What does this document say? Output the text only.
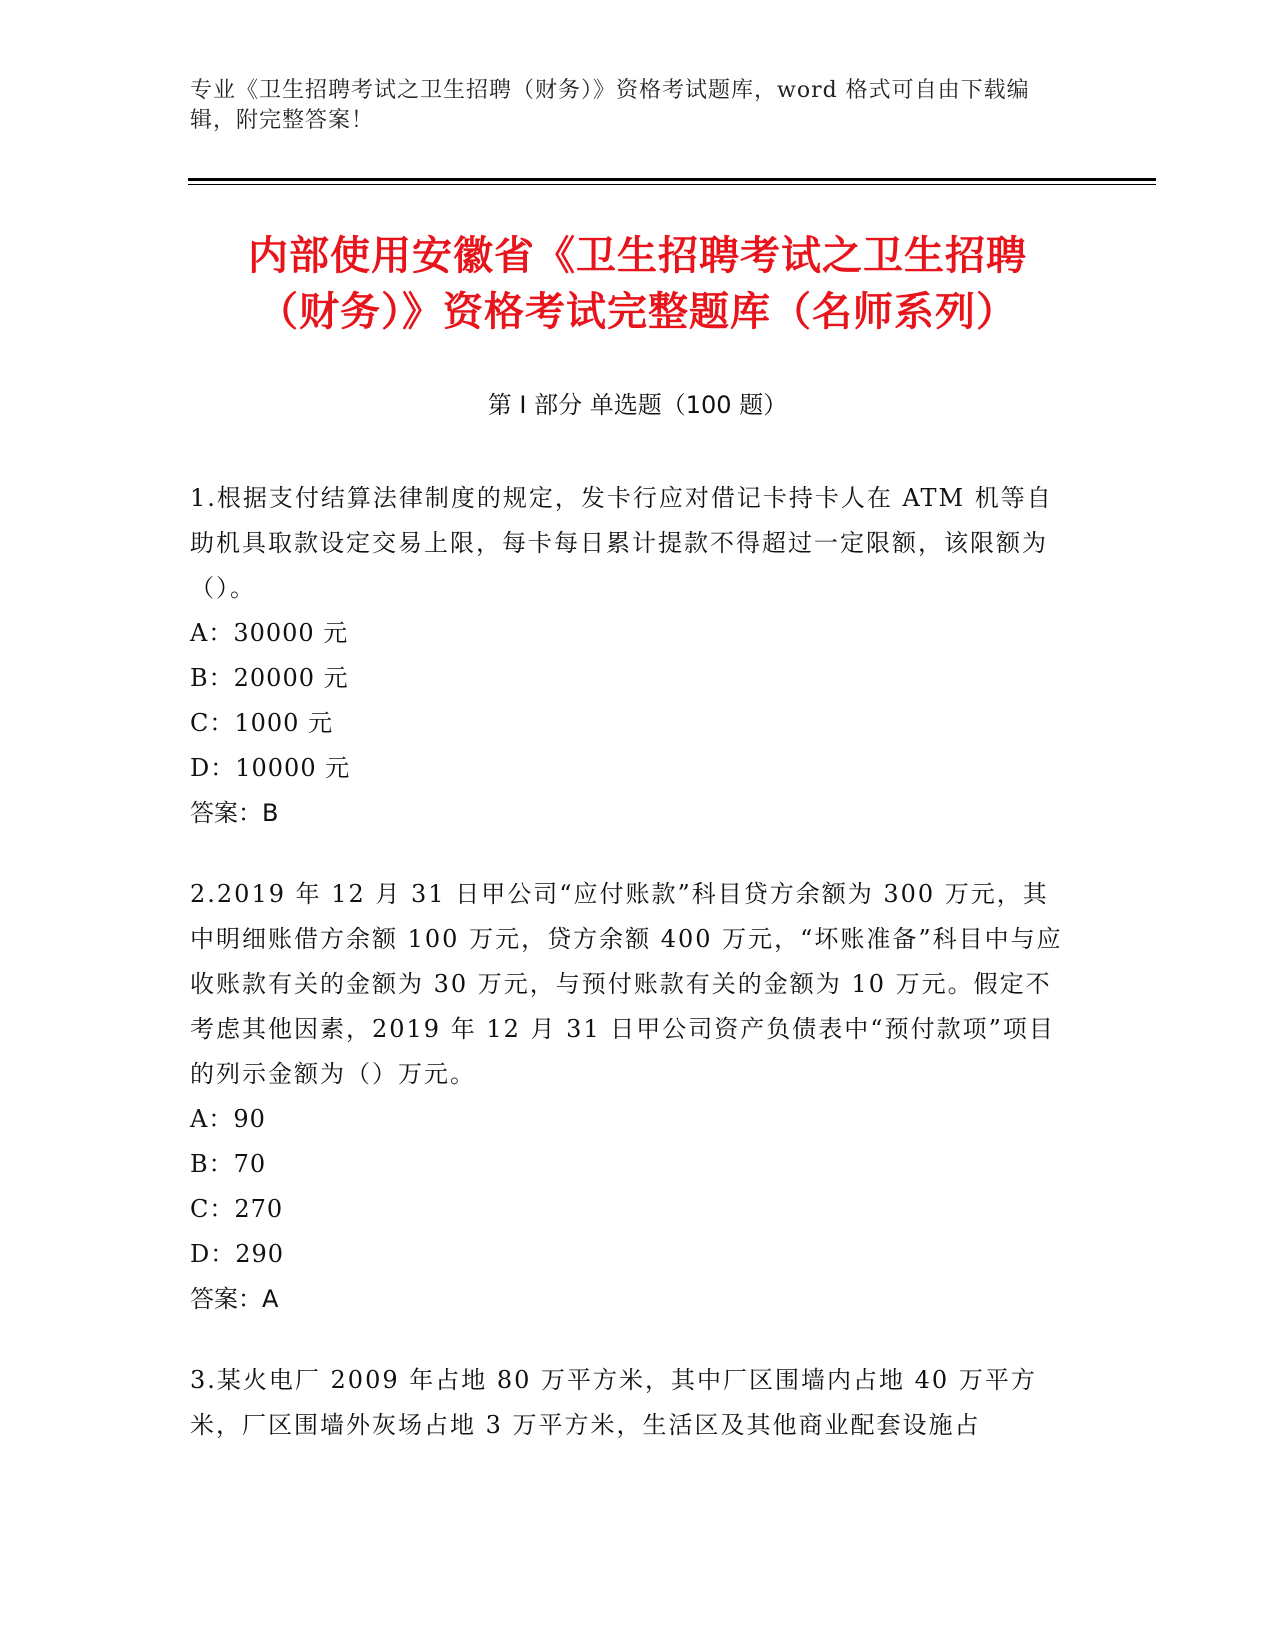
专业《卫生招聘考试之卫生招聘（财务）》资格考试题库，word 格式可自由下载编辑，附完整答案！
内部使用安徽省《卫生招聘考试之卫生招聘
（财务）》资格考试完整题库（名师系列）
第 I 部分 单选题（100 题）

1.根据支付结算法律制度的规定，发卡行应对借记卡持卡人在 ATM 机等自助机具取款设定交易上限，每卡每日累计提款不得超过一定限额，该限额为（）。

A：30000 元

B：20000 元

C：1000 元

D：10000 元

答案：B

2.2019 年 12 月 31 日甲公司“应付账款”科目贷方余额为 300 万元，其中明细账借方余额 100 万元，贷方余额 400 万元，“坏账准备”科目中与应收账款有关的金额为 30 万元，与预付账款有关的金额为 10 万元。假定不考虑其他因素，2019 年 12 月 31 日甲公司资产负债表中“预付款项”项目的列示金额为（）万元。

A：90

B：70

C：270

D：290

答案：A

3.某火电厂 2009 年占地 80 万平方米，其中厂区围墙内占地 40 万平方米，厂区围墙外灰场占地 3 万平方米，生活区及其他商业配套设施占
